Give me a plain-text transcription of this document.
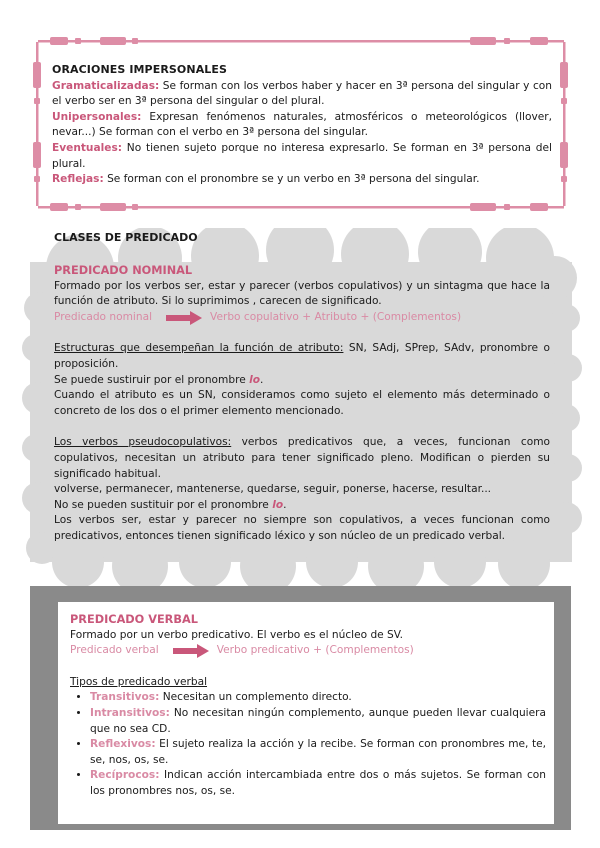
ORACIONES IMPERSONALES

Gramaticalizadas: Se forman con los verbos haber y hacer en 3ª persona del singular y con el verbo ser en 3ª persona del singular o del plural.

Unipersonales: Expresan fenómenos naturales, atmosféricos o meteorológicos (llover, nevar...) Se forman con el verbo en 3ª persona del singular.

Eventuales: No tienen sujeto porque no interesa expresarlo. Se forman en 3ª persona del plural.

Reflejas: Se forman con el pronombre se y un verbo en 3ª persona del singular.

CLASES DE PREDICADO

PREDICADO NOMINAL

Formado por los verbos ser, estar y parecer (verbos copulativos) y un sintagma que hace la función de atributo. Si lo suprimimos , carecen de significado.

Predicado nominal	Verbo copulativo + Atributo + (Complementos)

Estructuras que desempeñan la función de atributo: SN, SAdj, SPrep, SAdv, pronombre o proposición.

Se puede sustiruir por el pronombre lo.

Cuando el atributo es un SN, consideramos como sujeto el elemento más determinado o concreto de los dos o el primer elemento mencionado.

Los verbos pseudocopulativos: verbos predicativos que, a veces, funcionan como copulativos, necesitan un atributo para tener significado pleno. Modifican o pierden su significado habitual.

volverse, permanecer, mantenerse, quedarse, seguir, ponerse, hacerse, resultar...

No se pueden sustituir por el pronombre lo.

Los verbos ser, estar y parecer no siempre son copulativos, a veces funcionan como predicativos, entonces tienen significado léxico y son núcleo de un predicado verbal.

PREDICADO VERBAL

Formado por un verbo predicativo. El verbo es el núcleo de SV.

Predicado verbal	Verbo predicativo + (Complementos)

Tipos de predicado verbal

• Transitivos: Necesitan un complemento directo.
• Intransitivos: No necesitan ningún complemento, aunque pueden llevar cualquiera que no sea CD.
• Reflexivos: El sujeto realiza la acción y la recibe. Se forman con pronombres me, te, se, nos, os, se.
• Recíprocos: Indican acción intercambiada entre dos o más sujetos. Se forman con los pronombres nos, os, se.
